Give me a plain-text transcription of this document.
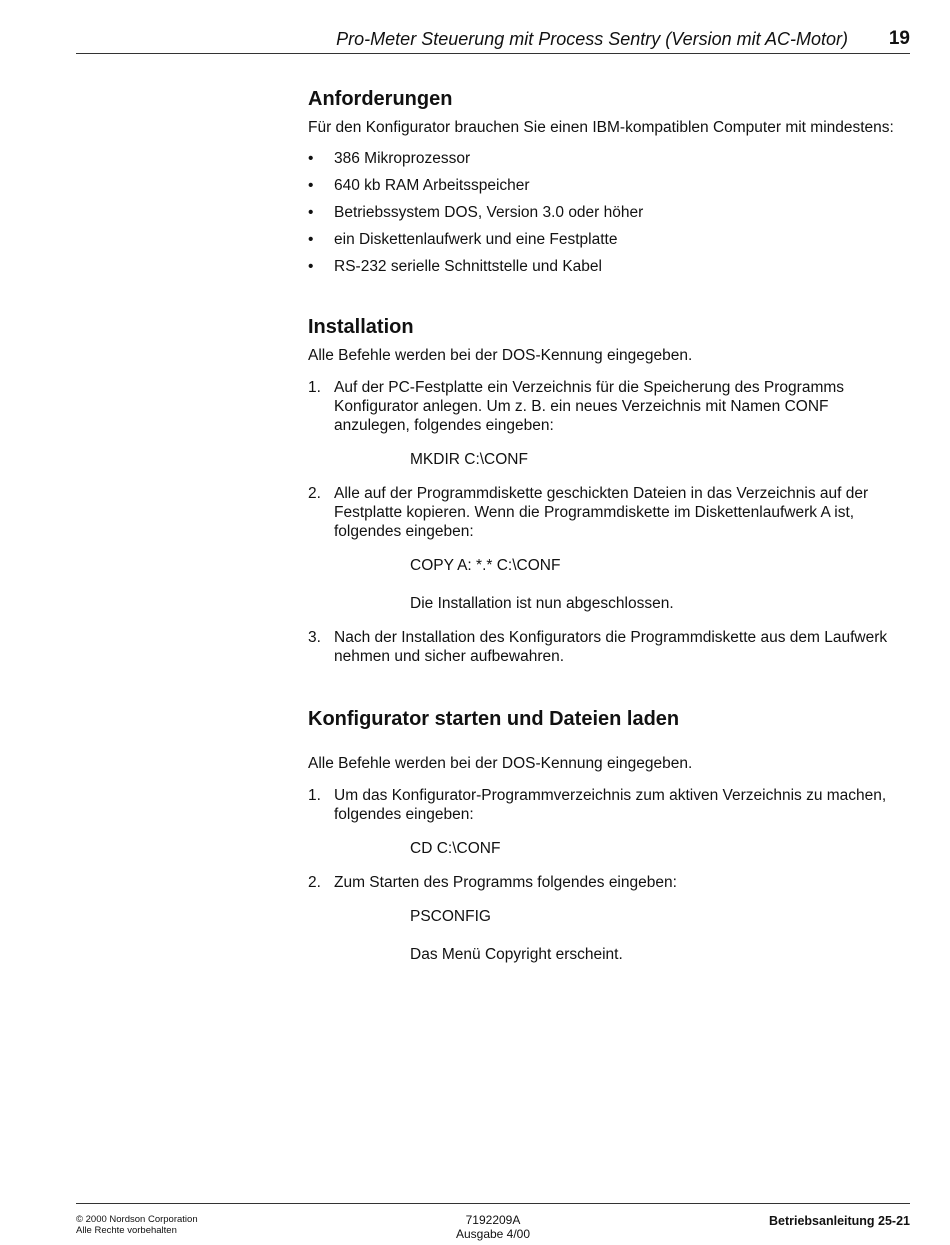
Pro-Meter Steuerung mit Process Sentry (Version mit AC-Motor) 19
Anforderungen

Für den Konfigurator brauchen Sie einen IBM-kompatiblen Computer mit mindestens:

• 386 Mikroprozessor
• 640 kb RAM Arbeitsspeicher
• Betriebssystem DOS, Version 3.0 oder höher
• ein Diskettenlaufwerk und eine Festplatte
• RS-232 serielle Schnittstelle und Kabel
Installation

Alle Befehle werden bei der DOS-Kennung eingegeben.

1. Auf der PC-Festplatte ein Verzeichnis für die Speicherung des Programms Konfigurator anlegen. Um z. B. ein neues Verzeichnis mit Namen CONF anzulegen, folgendes eingeben:
MKDIR C:\CONF
2. Alle auf der Programmdiskette geschickten Dateien in das Verzeichnis auf der Festplatte kopieren. Wenn die Programmdiskette im Diskettenlaufwerk A ist, folgendes eingeben:
COPY A: *.* C:\CONF
Die Installation ist nun abgeschlossen.
3. Nach der Installation des Konfigurators die Programmdiskette aus dem Laufwerk nehmen und sicher aufbewahren.
Konfigurator starten und Dateien laden

Alle Befehle werden bei der DOS-Kennung eingegeben.

1. Um das Konfigurator-Programmverzeichnis zum aktiven Verzeichnis zu machen, folgendes eingeben:
CD C:\CONF
2. Zum Starten des Programms folgendes eingeben:
PSCONFIG
Das Menü Copyright erscheint.
© 2000 Nordson Corporation
Alle Rechte vorbehalten
7192209A
Ausgabe 4/00
Betriebsanleitung 25-21
